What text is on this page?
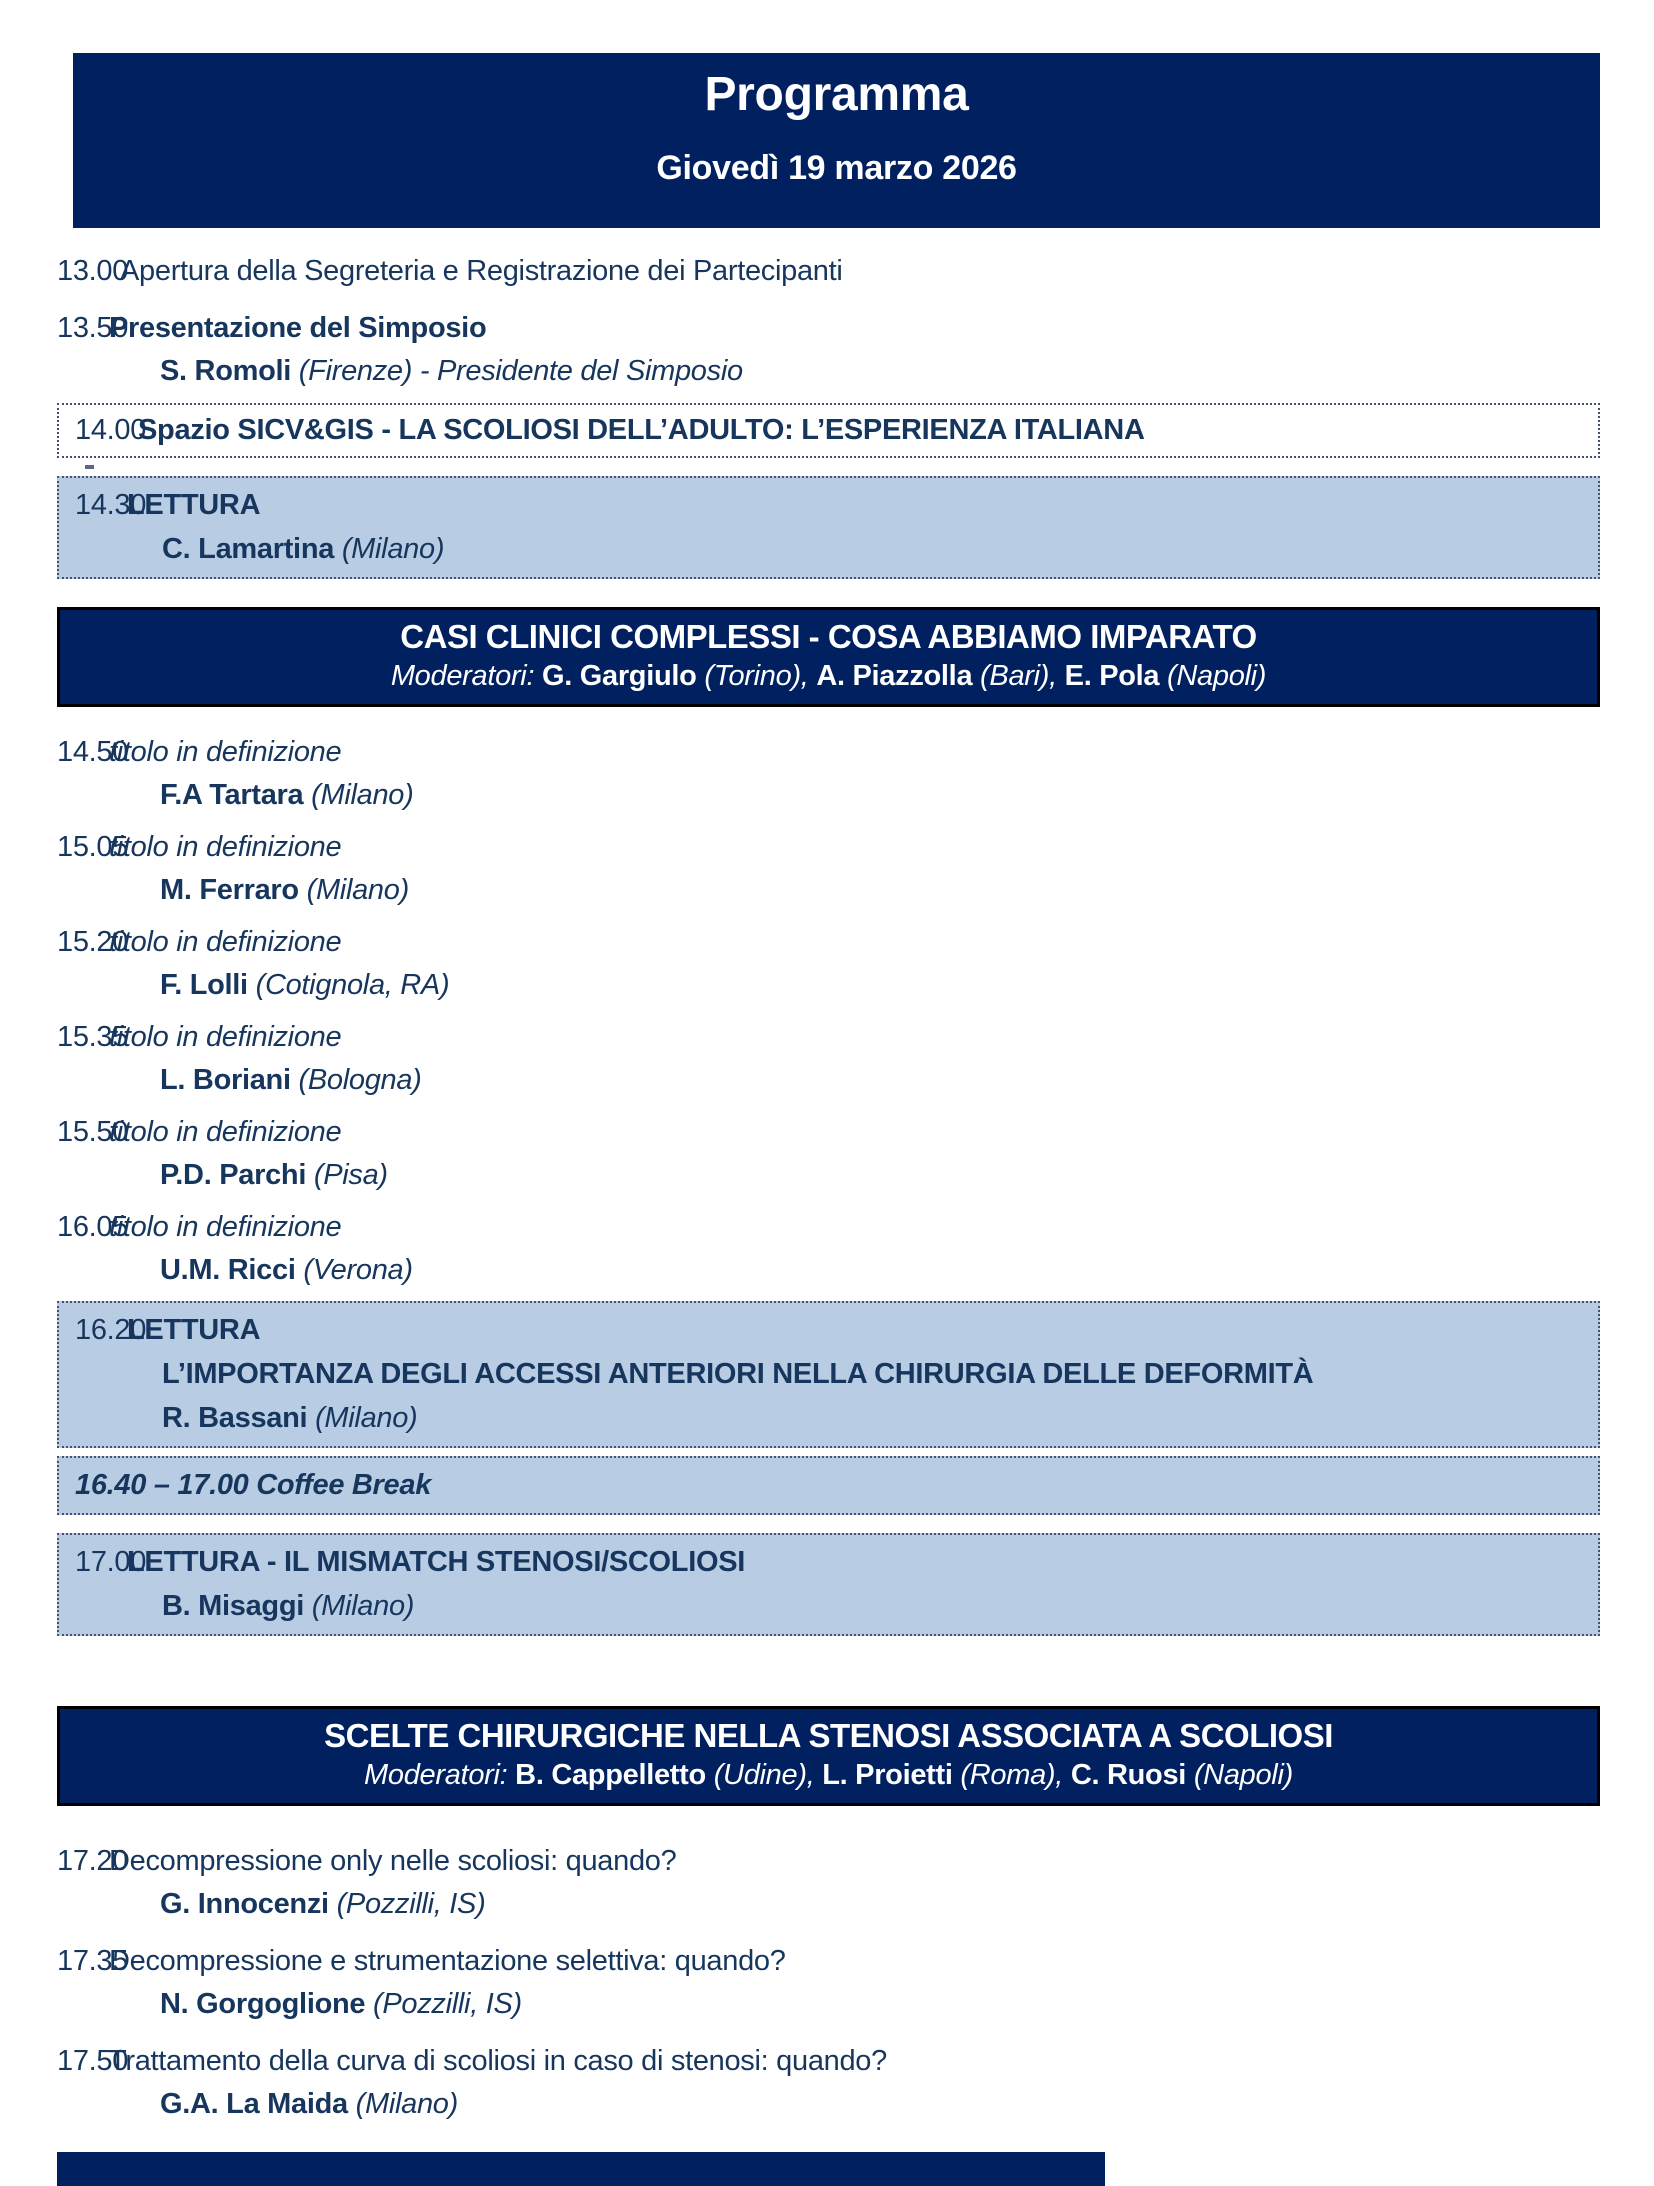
Programma
Giovedì 19 marzo 2026
13.00
Apertura della Segreteria e Registrazione dei Partecipanti
13.50
Presentazione del Simposio
S. Romoli (Firenze) - Presidente del Simposio
14.00
Spazio SICV&GIS - LA SCOLIOSI DELL’ADULTO: L’ESPERIENZA ITALIANA
14.30
LETTURA
C. Lamartina (Milano)
CASI CLINICI COMPLESSI - COSA ABBIAMO IMPARATO
Moderatori: G. Gargiulo (Torino), A. Piazzolla (Bari), E. Pola (Napoli)
14.50
titolo in definizione
F.A Tartara (Milano)
15.05
titolo in definizione
M. Ferraro (Milano)
15.20
titolo in definizione
F. Lolli (Cotignola, RA)
15.35
titolo in definizione
L. Boriani (Bologna)
15.50
titolo in definizione
P.D. Parchi (Pisa)
16.05
titolo in definizione
U.M. Ricci (Verona)
16.20
LETTURA
L’IMPORTANZA DEGLI ACCESSI ANTERIORI NELLA CHIRURGIA DELLE DEFORMITÀ
R. Bassani (Milano)
16.40 – 17.00 Coffee Break
17.00
LETTURA - IL MISMATCH STENOSI/SCOLIOSI
B. Misaggi (Milano)
SCELTE CHIRURGICHE NELLA STENOSI ASSOCIATA A SCOLIOSI
Moderatori: B. Cappelletto (Udine), L. Proietti (Roma), C. Ruosi (Napoli)
17.20
Decompressione only nelle scoliosi: quando?
G. Innocenzi (Pozzilli, IS)
17.35
Decompressione e strumentazione selettiva: quando?
N. Gorgoglione (Pozzilli, IS)
17.50
Trattamento della curva di scoliosi in caso di stenosi: quando?
G.A. La Maida (Milano)
